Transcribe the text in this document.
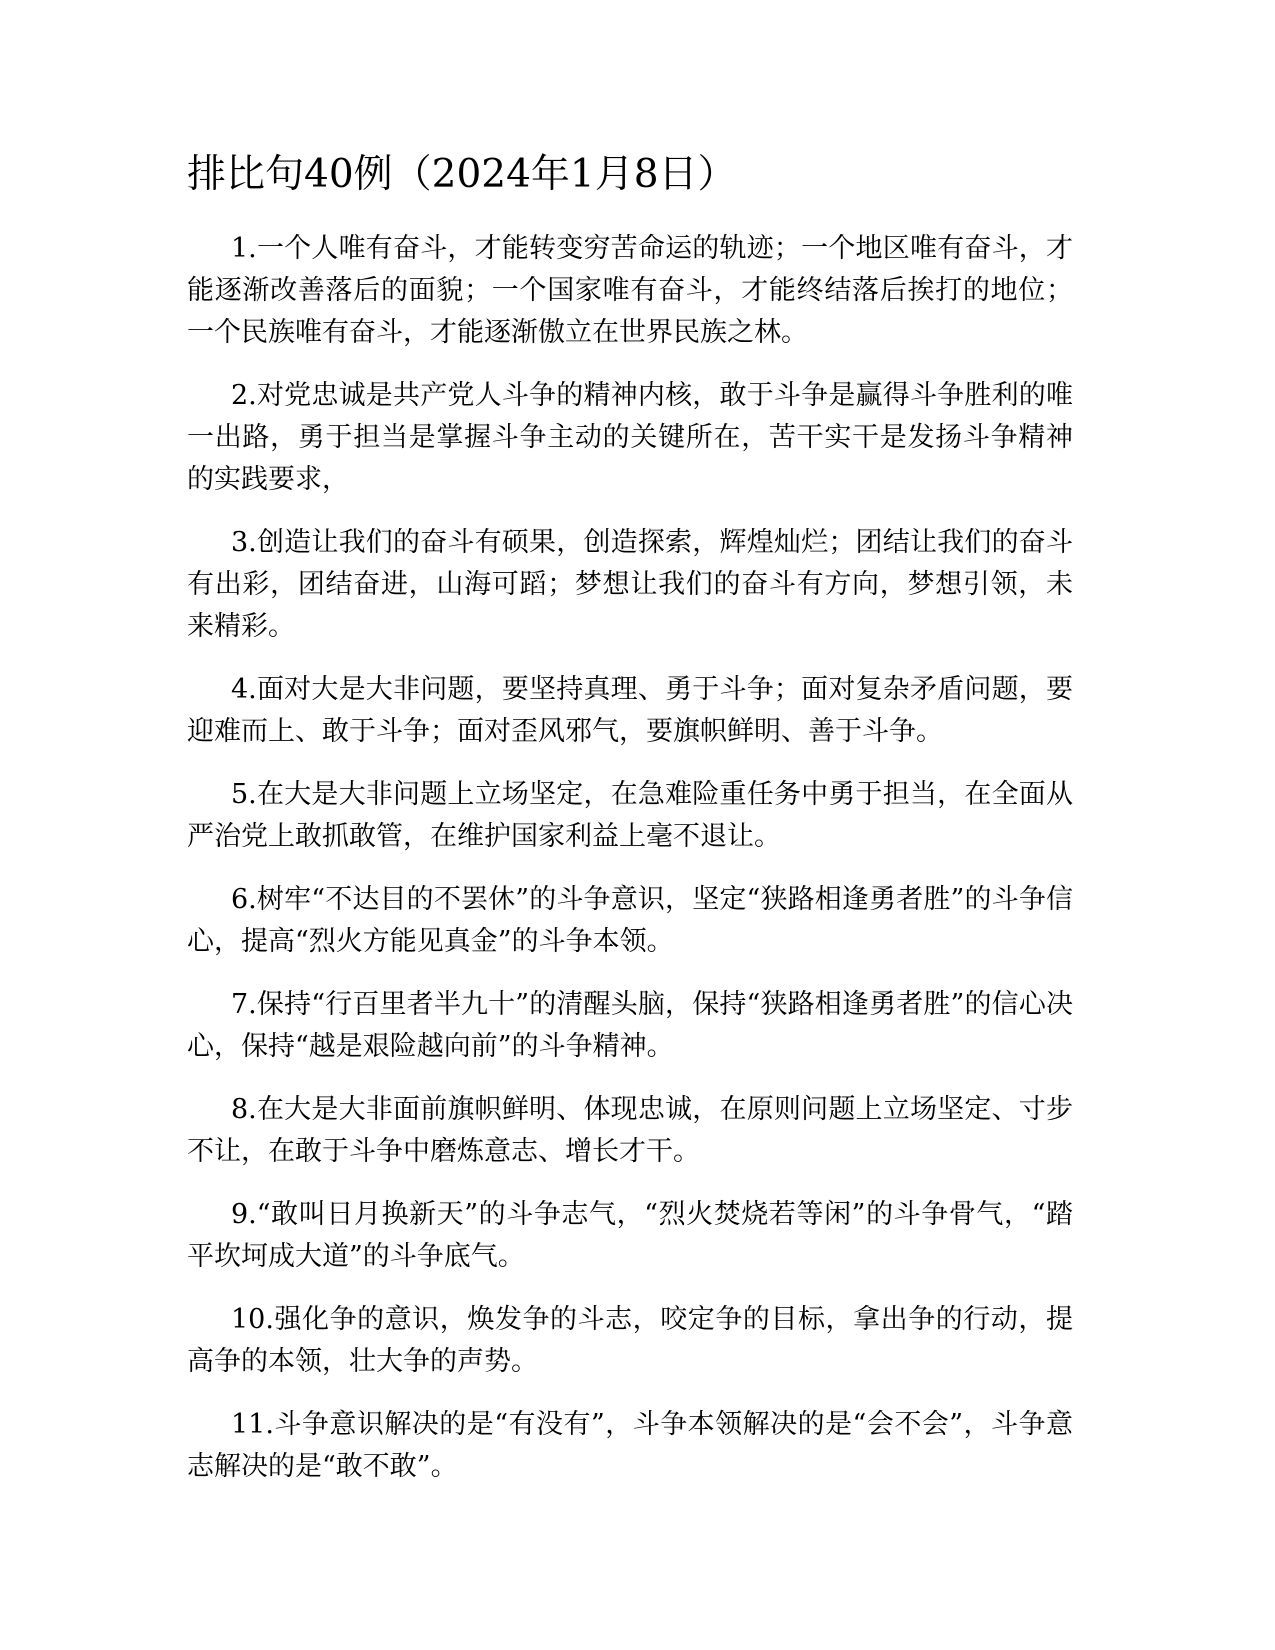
排比句40例（2024年1月8日）

1.一个人唯有奋斗，才能转变穷苦命运的轨迹；一个地区唯有奋斗，才能逐渐改善落后的面貌；一个国家唯有奋斗，才能终结落后挨打的地位；一个民族唯有奋斗，才能逐渐傲立在世界民族之林。

2.对党忠诚是共产党人斗争的精神内核，敢于斗争是赢得斗争胜利的唯一出路，勇于担当是掌握斗争主动的关键所在，苦干实干是发扬斗争精神的实践要求，

3.创造让我们的奋斗有硕果，创造探索，辉煌灿烂；团结让我们的奋斗有出彩，团结奋进，山海可蹈；梦想让我们的奋斗有方向，梦想引领，未来精彩。

4.面对大是大非问题，要坚持真理、勇于斗争；面对复杂矛盾问题，要迎难而上、敢于斗争；面对歪风邪气，要旗帜鲜明、善于斗争。

5.在大是大非问题上立场坚定，在急难险重任务中勇于担当，在全面从严治党上敢抓敢管，在维护国家利益上毫不退让。

6.树牢“不达目的不罢休”的斗争意识，坚定“狭路相逢勇者胜”的斗争信心，提高“烈火方能见真金”的斗争本领。

7.保持“行百里者半九十”的清醒头脑，保持“狭路相逢勇者胜”的信心决心，保持“越是艰险越向前”的斗争精神。

8.在大是大非面前旗帜鲜明、体现忠诚，在原则问题上立场坚定、寸步不让，在敢于斗争中磨炼意志、增长才干。

9.“敢叫日月换新天”的斗争志气，“烈火焚烧若等闲”的斗争骨气，“踏平坎坷成大道”的斗争底气。

10.强化争的意识，焕发争的斗志，咬定争的目标，拿出争的行动，提高争的本领，壮大争的声势。

11.斗争意识解决的是“有没有”，斗争本领解决的是“会不会”，斗争意志解决的是“敢不敢”。
